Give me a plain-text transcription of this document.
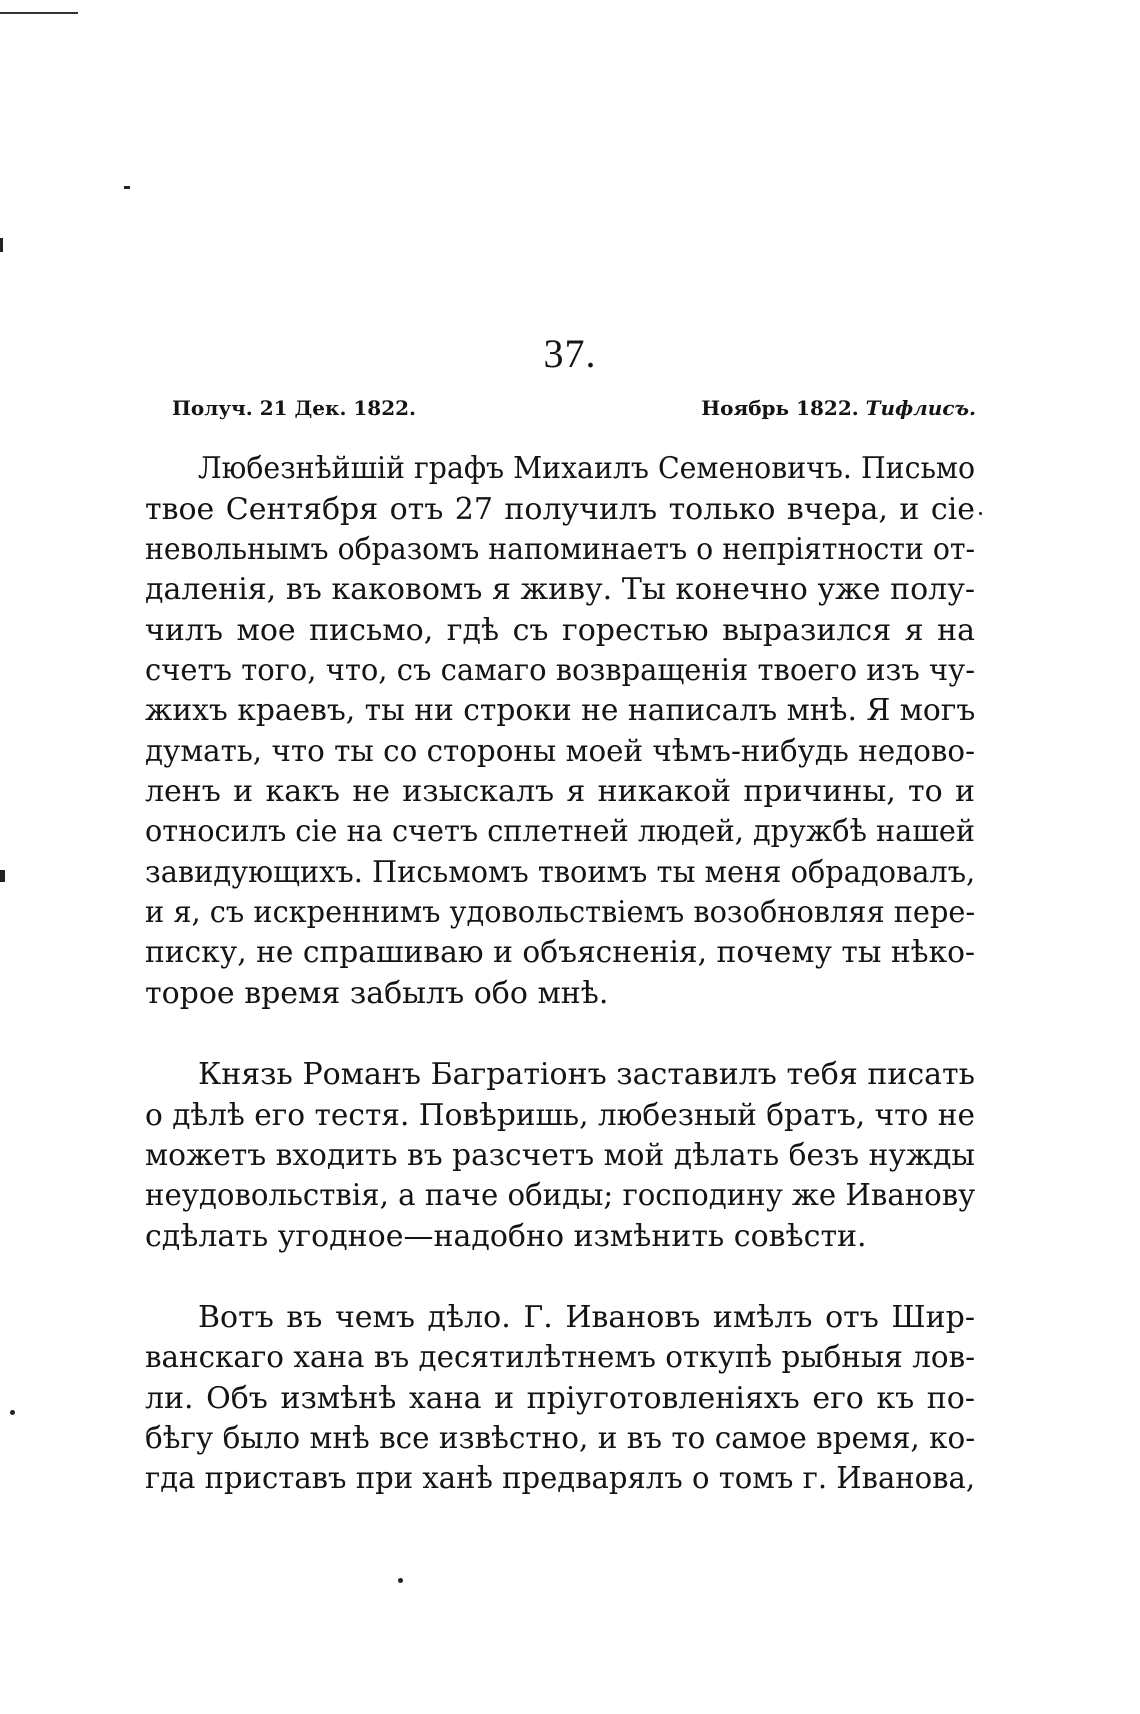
37.
Получ. 21 Дек. 1822.	Ноябрь 1822. Тифлисъ.
Любезнѣйшій графъ Михаилъ Семеновичъ. Письмо
твое Сентября отъ 27 получилъ только вчера, и сіе
невольнымъ образомъ напоминаетъ о непріятности от-
даленія, въ каковомъ я живу. Ты конечно уже полу-
чилъ мое письмо, гдѣ съ горестью выразился я на
счетъ того, что, съ самаго возвращенія твоего изъ чу-
жихъ краевъ, ты ни строки не написалъ мнѣ. Я могъ
думать, что ты со стороны моей чѣмъ-нибудь недово-
ленъ и какъ не изыскалъ я никакой причины, то и
относилъ сіе на счетъ сплетней людей, дружбѣ нашей
завидующихъ. Письмомъ твоимъ ты меня обрадовалъ,
и я, съ искреннимъ удовольствіемъ возобновляя пере-
писку, не спрашиваю и объясненія, почему ты нѣко-
торое время забылъ обо мнѣ.
Князь Романъ Багратіонъ заставилъ тебя писать
о дѣлѣ его тестя. Повѣришь, любезный братъ, что не
можетъ входить въ разсчетъ мой дѣлать безъ нужды
неудовольствія, а паче обиды; господину же Иванову
сдѣлать угодное—надобно измѣнить совѣсти.
Вотъ въ чемъ дѣло. Г. Ивановъ имѣлъ отъ Шир-
ванскаго хана въ десятилѣтнемъ откупѣ рыбныя лов-
ли. Объ измѣнѣ хана и пріуготовленіяхъ его къ по-
бѣгу было мнѣ все извѣстно, и въ то самое время, ко-
гда приставъ при ханѣ предварялъ о томъ г. Иванова,
